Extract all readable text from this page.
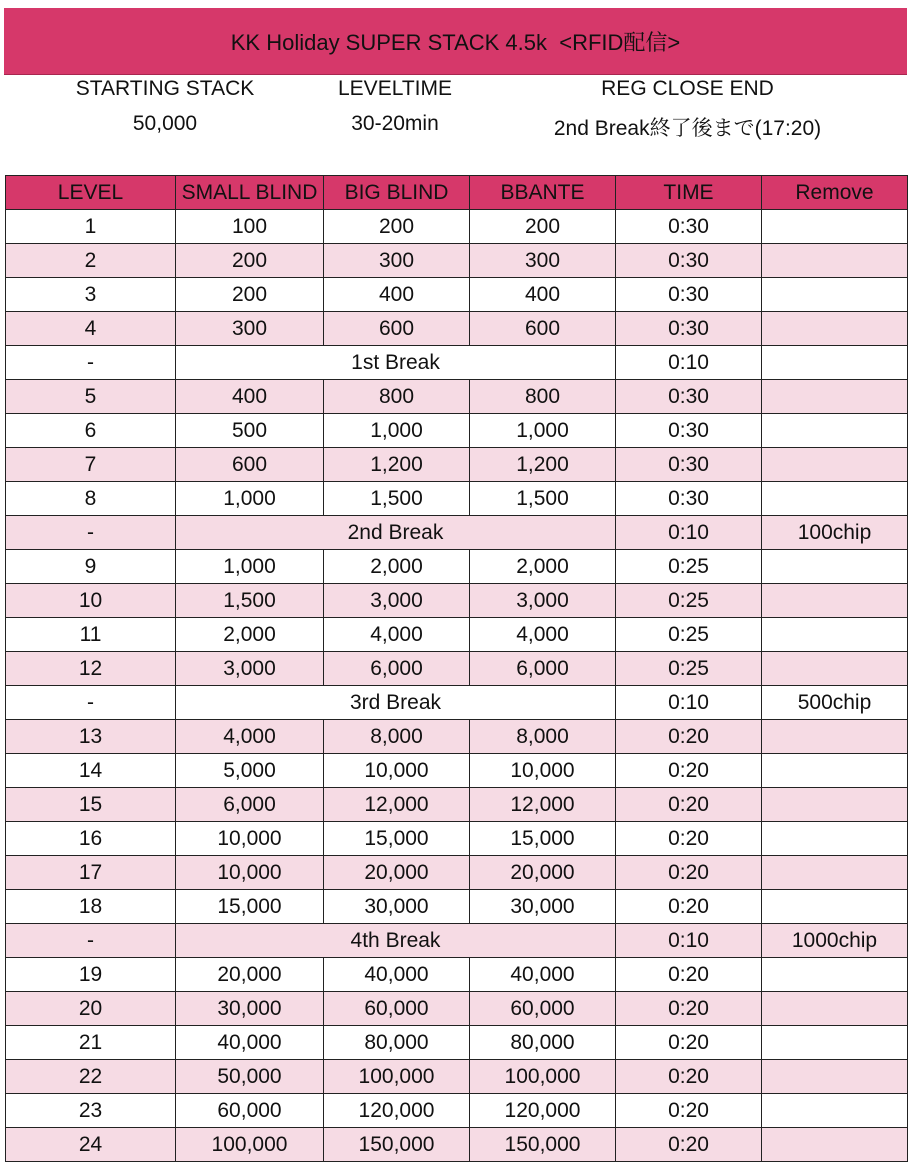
KK Holiday SUPER STACK 4.5k  <RFID配信>
STARTING STACK	LEVELTIME	REG CLOSE END
50,000	30-20min	2nd Break終了後まで(17:20)
LEVEL	SMALL BLIND	BIG BLIND	BBANTE	TIME	Remove
1	100	200	200	0:30	
2	200	300	300	0:30	
3	200	400	400	0:30	
4	300	600	600	0:30	
-	1st Break			0:10	
5	400	800	800	0:30	
6	500	1,000	1,000	0:30	
7	600	1,200	1,200	0:30	
8	1,000	1,500	1,500	0:30	
-	2nd Break			0:10	100chip
9	1,000	2,000	2,000	0:25	
10	1,500	3,000	3,000	0:25	
11	2,000	4,000	4,000	0:25	
12	3,000	6,000	6,000	0:25	
-	3rd Break			0:10	500chip
13	4,000	8,000	8,000	0:20	
14	5,000	10,000	10,000	0:20	
15	6,000	12,000	12,000	0:20	
16	10,000	15,000	15,000	0:20	
17	10,000	20,000	20,000	0:20	
18	15,000	30,000	30,000	0:20	
-	4th Break			0:10	1000chip
19	20,000	40,000	40,000	0:20	
20	30,000	60,000	60,000	0:20	
21	40,000	80,000	80,000	0:20	
22	50,000	100,000	100,000	0:20	
23	60,000	120,000	120,000	0:20	
24	100,000	150,000	150,000	0:20	
